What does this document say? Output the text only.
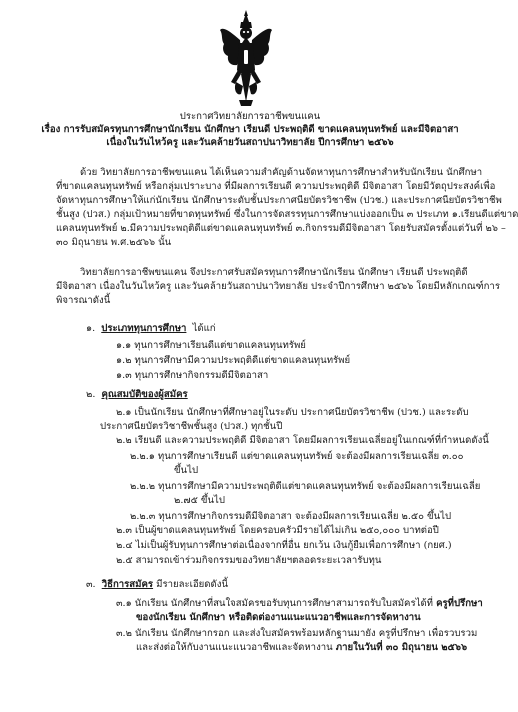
ประกาศวิทยาลัยการอาชีพขนแคน
เรื่อง การรับสมัครทุนการศึกษานักเรียน นักศึกษา เรียนดี ประพฤติดี ขาดแคลนทุนทรัพย์ และมีจิตอาสา
เนื่องในวันไหว้ครู และวันคล้ายวันสถาปนาวิทยาลัย ปีการศึกษา ๒๕๖๖
ด้วย วิทยาลัยการอาชีพขนแคน ได้เห็นความสำคัญด้านจัดหาทุนการศึกษาสำหรับนักเรียน นักศึกษา
ที่ขาดแคลนทุนทรัพย์ หรือกลุ่มเปราะบาง ที่มีผลการเรียนดี ความประพฤติดี มีจิตอาสา โดยมีวัตถุประสงค์เพื่อ
จัดหาทุนการศึกษาให้แก่นักเรียน นักศึกษาระดับชั้นประกาศนียบัตรวิชาชีพ (ปวช.) และประกาศนียบัตรวิชาชีพ
ชั้นสูง (ปวส.) กลุ่มเป้าหมายที่ขาดทุนทรัพย์ ซึ่งในการจัดสรรทุนการศึกษาแบ่งออกเป็น ๓ ประเภท ๑.เรียนดีแต่ขาด
แคลนทุนทรัพย์ ๒.มีความประพฤติดีแต่ขาดแคลนทุนทรัพย์ ๓.กิจกรรมดีมีจิตอาสา โดยรับสมัครตั้งแต่วันที่ ๒๖ –
๓๐ มิถุนายน พ.ศ.๒๕๖๖ นั้น
วิทยาลัยการอาชีพขนแคน จึงประกาศรับสมัครทุนการศึกษานักเรียน นักศึกษา เรียนดี ประพฤติดี
มีจิตอาสา เนื่องในวันไหว้ครู และวันคล้ายวันสถาปนาวิทยาลัย ประจำปีการศึกษา ๒๕๖๖ โดยมีหลักเกณฑ์การ
พิจารณาดังนี้
๑. ประเภททุนการศึกษา ได้แก่
๑.๑ ทุนการศึกษาเรียนดีแต่ขาดแคลนทุนทรัพย์
๑.๒ ทุนการศึกษามีความประพฤติดีแต่ขาดแคลนทุนทรัพย์
๑.๓ ทุนการศึกษากิจกรรมดีมีจิตอาสา
๒. คุณสมบัติของผู้สมัคร
๒.๑ เป็นนักเรียน นักศึกษาที่ศึกษาอยู่ในระดับ ประกาศนียบัตรวิชาชีพ (ปวช.) และระดับ
ประกาศนียบัตรวิชาชีพชั้นสูง (ปวส.) ทุกชั้นปี
๒.๒ เรียนดี และความประพฤติดี มีจิตอาสา โดยมีผลการเรียนเฉลี่ยอยู่ในเกณฑ์ที่กำหนดดังนี้
๒.๒.๑ ทุนการศึกษาเรียนดี แต่ขาดแคลนทุนทรัพย์ จะต้องมีผลการเรียนเฉลี่ย ๓.๐๐
ขึ้นไป
๒.๒.๒ ทุนการศึกษามีความประพฤติดีแต่ขาดแคลนทุนทรัพย์ จะต้องมีผลการเรียนเฉลี่ย
๒.๗๕ ขึ้นไป
๒.๒.๓ ทุนการศึกษากิจกรรมดีมีจิตอาสา จะต้องมีผลการเรียนเฉลี่ย ๒.๕๐ ขึ้นไป
๒.๓ เป็นผู้ขาดแคลนทุนทรัพย์ โดยครอบครัวมีรายได้ไม่เกิน ๒๕๐,๐๐๐ บาทต่อปี
๒.๔ ไม่เป็นผู้รับทุนการศึกษาต่อเนื่องจากที่อื่น ยกเว้น เงินกู้ยืมเพื่อการศึกษา (กยศ.)
๒.๕ สามารถเข้าร่วมกิจกรรมของวิทยาลัยฯตลอดระยะเวลารับทุน
๓. วิธีการสมัคร มีรายละเอียดดังนี้
๓.๑ นักเรียน นักศึกษาที่สนใจสมัครขอรับทุนการศึกษาสามารถรับใบสมัครได้ที่ ครูที่ปรึกษา
ของนักเรียน นักศึกษา หรือติดต่องานแนะแนวอาชีพและการจัดหางาน
๓.๒ นักเรียน นักศึกษากรอก และส่งใบสมัครพร้อมหลักฐานมายัง ครูที่ปรึกษา เพื่อรวบรวม
และส่งต่อให้กับงานแนะแนวอาชีพและจัดหางาน ภายในวันที่ ๓๐ มิถุนายน ๒๕๖๖
